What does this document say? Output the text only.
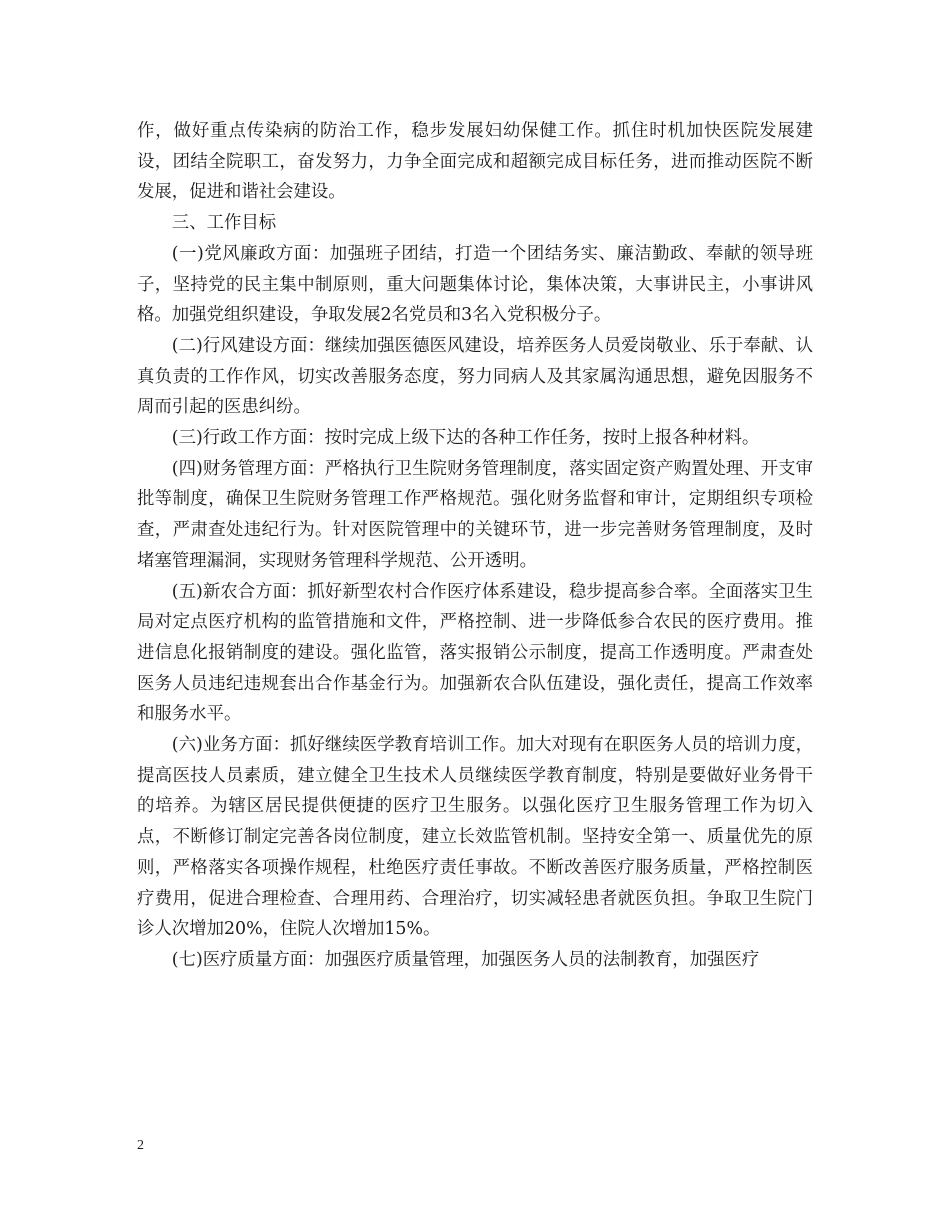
作，做好重点传染病的防治工作，稳步发展妇幼保健工作。抓住时机加快医院发展建设，团结全院职工，奋发努力，力争全面完成和超额完成目标任务，进而推动医院不断发展，促进和谐社会建设。

三、工作目标

(一)党风廉政方面：加强班子团结，打造一个团结务实、廉洁勤政、奉献的领导班子，坚持党的民主集中制原则，重大问题集体讨论，集体决策，大事讲民主，小事讲风格。加强党组织建设，争取发展2名党员和3名入党积极分子。

(二)行风建设方面：继续加强医德医风建设，培养医务人员爱岗敬业、乐于奉献、认真负责的工作作风，切实改善服务态度，努力同病人及其家属沟通思想，避免因服务不周而引起的医患纠纷。

(三)行政工作方面：按时完成上级下达的各种工作任务，按时上报各种材料。

(四)财务管理方面：严格执行卫生院财务管理制度，落实固定资产购置处理、开支审批等制度，确保卫生院财务管理工作严格规范。强化财务监督和审计，定期组织专项检查，严肃查处违纪行为。针对医院管理中的关键环节，进一步完善财务管理制度，及时堵塞管理漏洞，实现财务管理科学规范、公开透明。

(五)新农合方面：抓好新型农村合作医疗体系建设，稳步提高参合率。全面落实卫生局对定点医疗机构的监管措施和文件，严格控制、进一步降低参合农民的医疗费用。推进信息化报销制度的建设。强化监管，落实报销公示制度，提高工作透明度。严肃查处医务人员违纪违规套出合作基金行为。加强新农合队伍建设，强化责任，提高工作效率和服务水平。

(六)业务方面：抓好继续医学教育培训工作。加大对现有在职医务人员的培训力度，提高医技人员素质，建立健全卫生技术人员继续医学教育制度，特别是要做好业务骨干的培养。为辖区居民提供便捷的医疗卫生服务。以强化医疗卫生服务管理工作为切入点，不断修订制定完善各岗位制度，建立长效监管机制。坚持安全第一、质量优先的原则，严格落实各项操作规程，杜绝医疗责任事故。不断改善医疗服务质量，严格控制医疗费用，促进合理检查、合理用药、合理治疗，切实减轻患者就医负担。争取卫生院门诊人次增加20%，住院人次增加15%。

(七)医疗质量方面：加强医疗质量管理，加强医务人员的法制教育，加强医疗

2
